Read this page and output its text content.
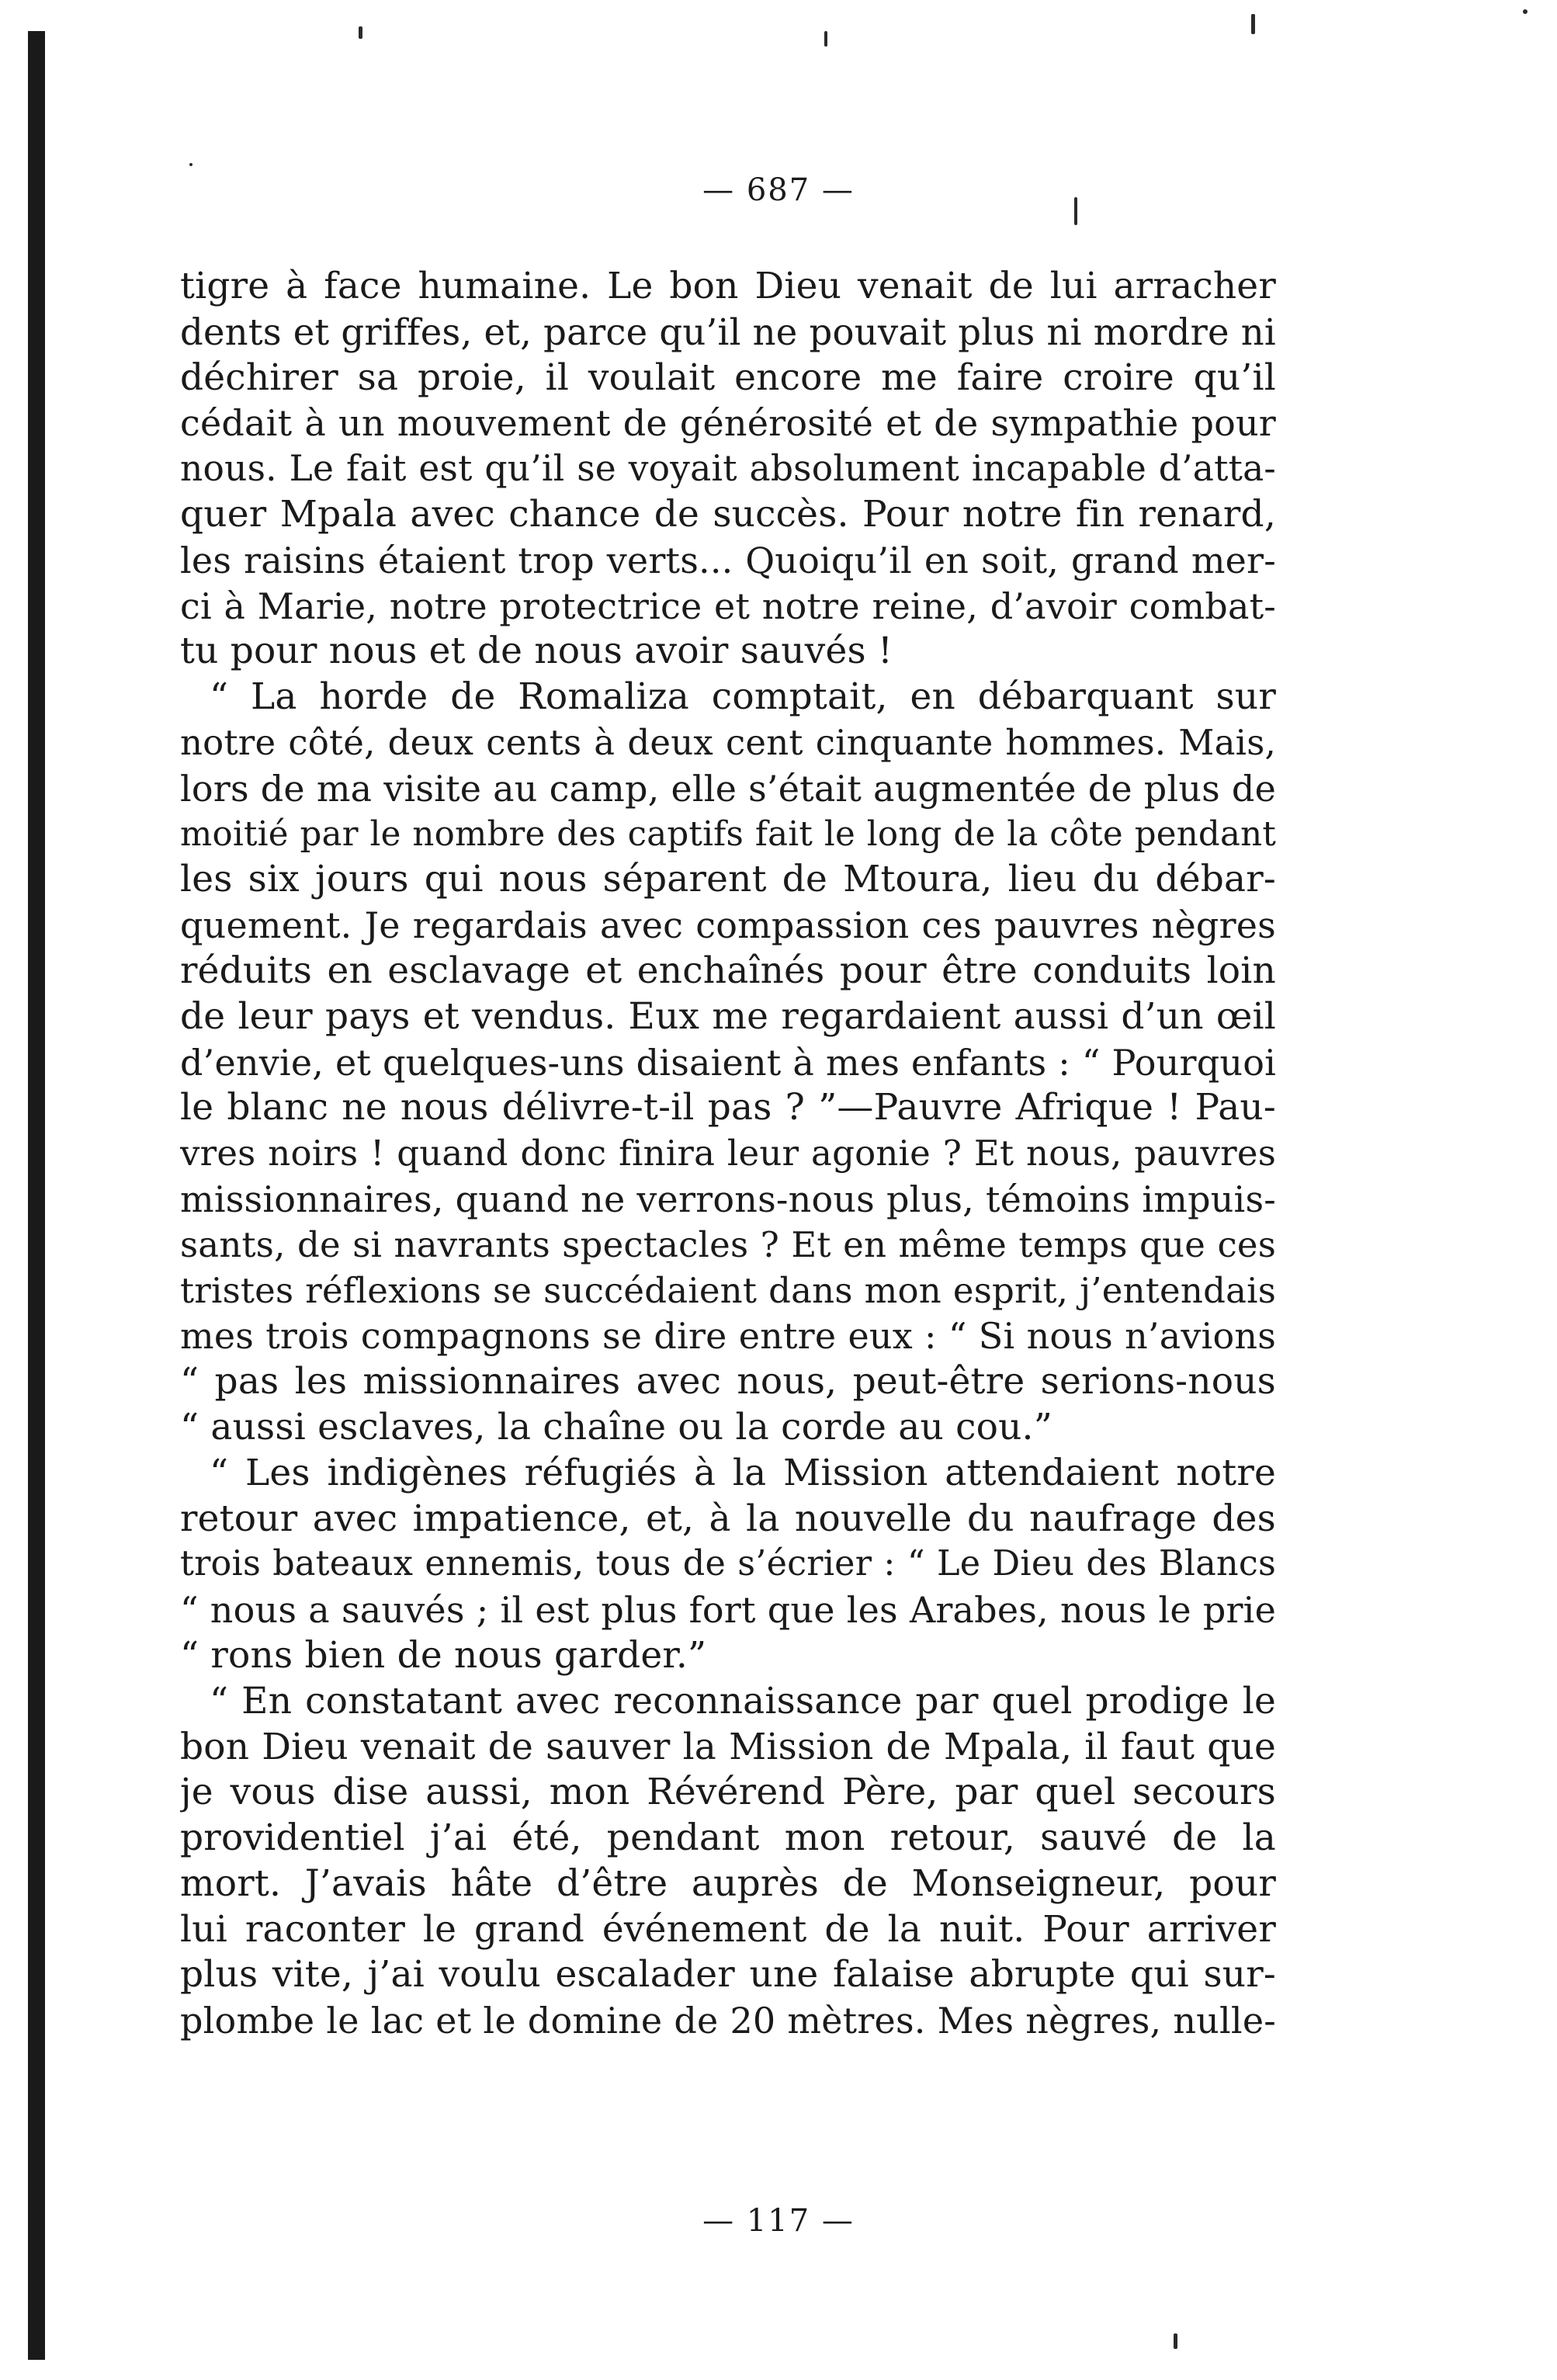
— 687 —
tigre à face humaine. Le bon Dieu venait de lui arracher
dents et griffes, et, parce qu’il ne pouvait plus ni mordre ni
déchirer sa proie, il voulait encore me faire croire qu’il
cédait à un mouvement de générosité et de sympathie pour
nous. Le fait est qu’il se voyait absolument incapable d’atta-
quer Mpala avec chance de succès. Pour notre fin renard,
les raisins étaient trop verts... Quoiqu’il en soit, grand mer-
ci à Marie, notre protectrice et notre reine, d’avoir combat-
tu pour nous et de nous avoir sauvés !
“ La horde de Romaliza comptait, en débarquant sur
notre côté, deux cents à deux cent cinquante hommes. Mais,
lors de ma visite au camp, elle s’était augmentée de plus de
moitié par le nombre des captifs fait le long de la côte pendant
les six jours qui nous séparent de Mtoura, lieu du débar-
quement. Je regardais avec compassion ces pauvres nègres
réduits en esclavage et enchaînés pour être conduits loin
de leur pays et vendus. Eux me regardaient aussi d’un œil
d’envie, et quelques-uns disaient à mes enfants : “ Pourquoi
le blanc ne nous délivre-t-il pas ? ”—Pauvre Afrique ! Pau-
vres noirs ! quand donc finira leur agonie ? Et nous, pauvres
missionnaires, quand ne verrons-nous plus, témoins impuis-
sants, de si navrants spectacles ? Et en même temps que ces
tristes réflexions se succédaient dans mon esprit, j’entendais
mes trois compagnons se dire entre eux : “ Si nous n’avions
“ pas les missionnaires avec nous, peut-être serions-nous
“ aussi esclaves, la chaîne ou la corde au cou.”
“ Les indigènes réfugiés à la Mission attendaient notre
retour avec impatience, et, à la nouvelle du naufrage des
trois bateaux ennemis, tous de s’écrier : “ Le Dieu des Blancs
“ nous a sauvés ; il est plus fort que les Arabes, nous le prie
“ rons bien de nous garder.”
“ En constatant avec reconnaissance par quel prodige le
bon Dieu venait de sauver la Mission de Mpala, il faut que
je vous dise aussi, mon Révérend Père, par quel secours
providentiel j’ai été, pendant mon retour, sauvé de la
mort. J’avais hâte d’être auprès de Monseigneur, pour
lui raconter le grand événement de la nuit. Pour arriver
plus vite, j’ai voulu escalader une falaise abrupte qui sur-
plombe le lac et le domine de 20 mètres. Mes nègres, nulle-
— 117 —
